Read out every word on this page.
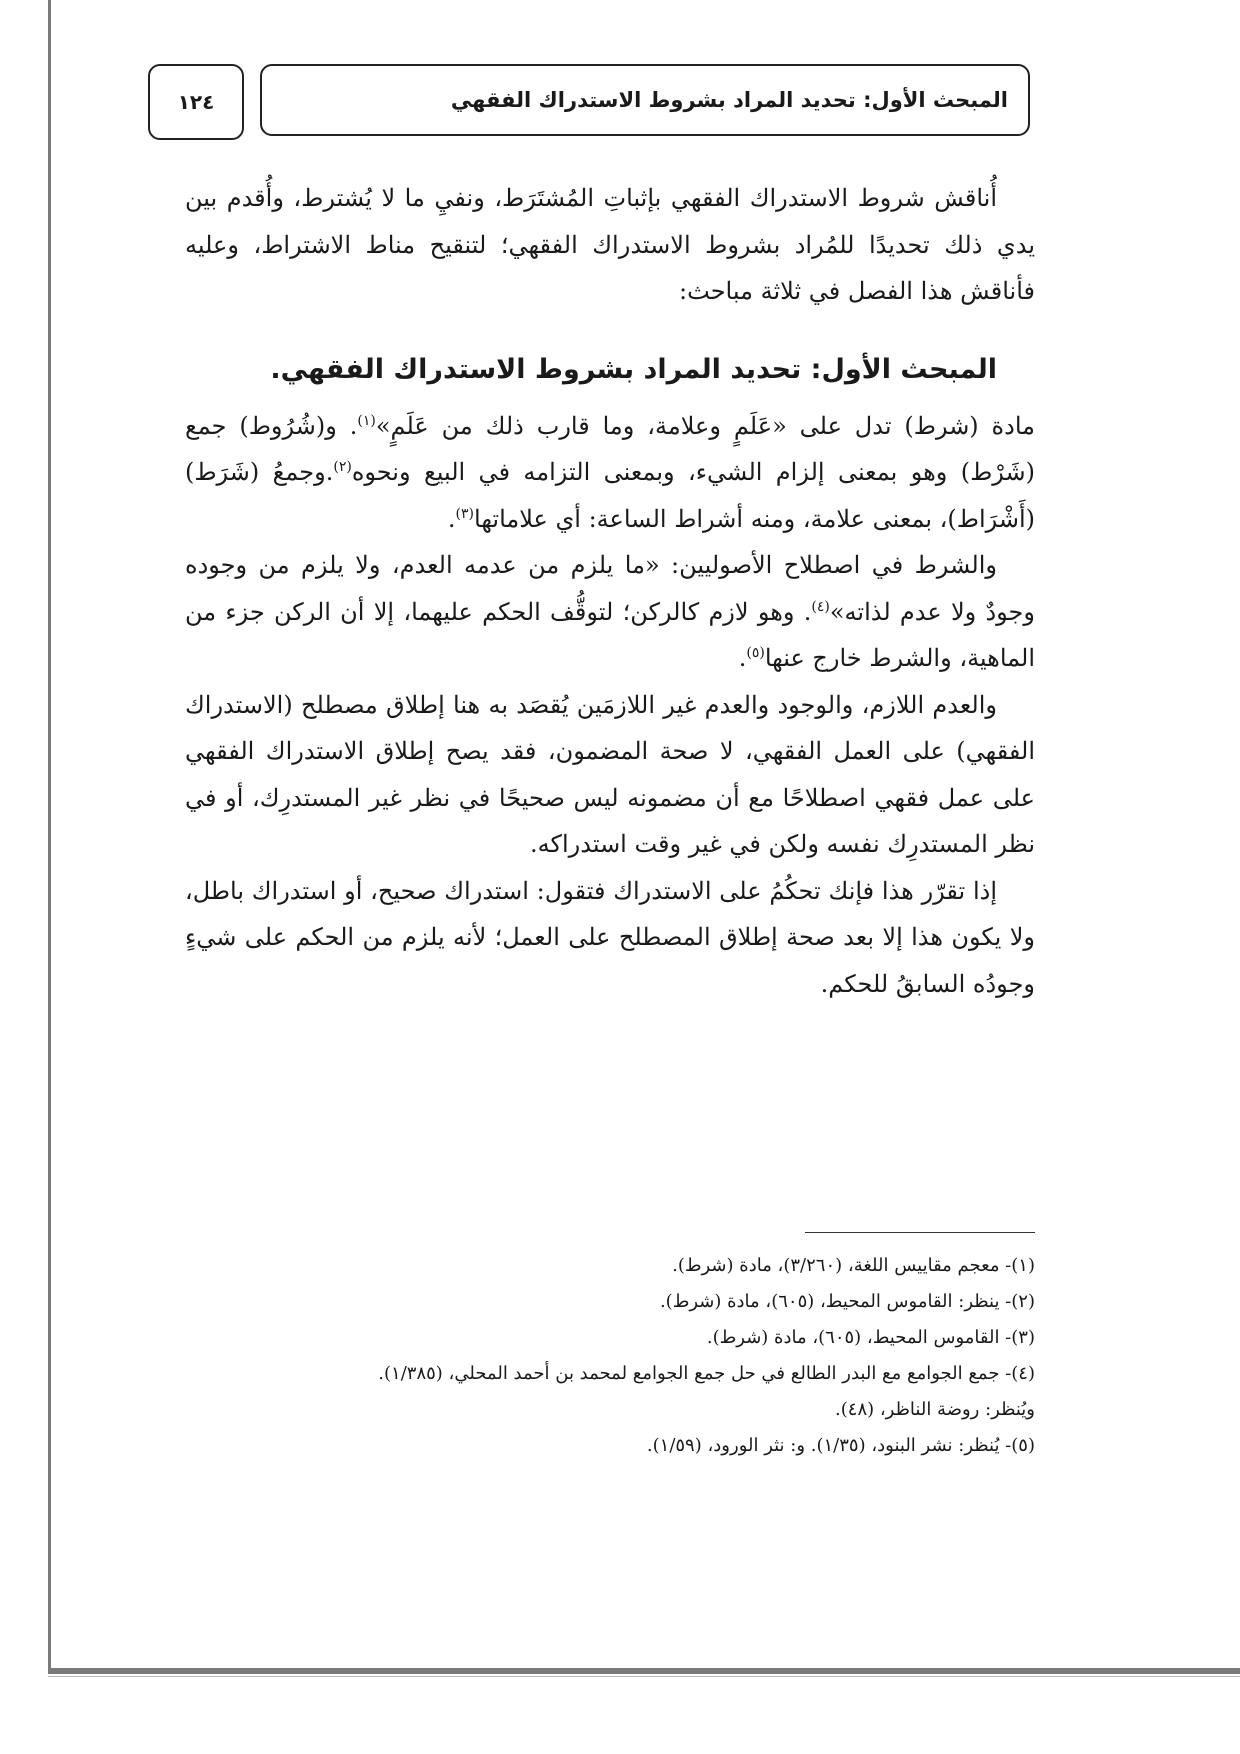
١٢٤	المبحث الأول: تحديد المراد بشروط الاستدراك الفقهي

أُناقش شروط الاستدراك الفقهي بإثباتِ المُشتَرَط، ونفيِ ما لا يُشترط، وأُقدم بين يدي ذلك تحديدًا للمُراد بشروط الاستدراك الفقهي؛ لتنقيح مناط الاشتراط، وعليه فأناقش هذا الفصل في ثلاثة مباحث:

المبحث الأول: تحديد المراد بشروط الاستدراك الفقهي.

مادة (شرط) تدل على «عَلَمٍ وعلامة، وما قارب ذلك من عَلَمٍ»$^{(١)}$. و(شُرُوط) جمع (شَرْط) وهو بمعنى إلزام الشيء، وبمعنى التزامه في البيع ونحوه$^{(٢)}$.وجمعُ (شَرَط) (أَشْرَاط)، بمعنى علامة، ومنه أشراط الساعة: أي علاماتها$^{(٣)}$.

والشرط في اصطلاح الأصوليين: «ما يلزم من عدمه العدم، ولا يلزم من وجوده وجودٌ ولا عدم لذاته»$^{(٤)}$. وهو لازم كالركن؛ لتوقُّف الحكم عليهما، إلا أن الركن جزء من الماهية، والشرط خارج عنها$^{(٥)}$.

والعدم اللازم، والوجود والعدم غير اللازمَين يُقصَد به هنا إطلاق مصطلح (الاستدراك الفقهي) على العمل الفقهي، لا صحة المضمون، فقد يصح إطلاق الاستدراك الفقهي على عمل فقهي اصطلاحًا مع أن مضمونه ليس صحيحًا في نظر غير المستدرِك، أو في نظر المستدرِك نفسه ولكن في غير وقت استدراكه.

إذا تقرّر هذا فإنك تحكُمُ على الاستدراك فتقول: استدراك صحيح، أو استدراك باطل، ولا يكون هذا إلا بعد صحة إطلاق المصطلح على العمل؛ لأنه يلزم من الحكم على شيءٍ وجودُه السابقُ للحكم.

(١)- معجم مقاييس اللغة، (٣/٢٦٠)، مادة (شرط).

(٢)- ينظر: القاموس المحيط، (٦٠٥)، مادة (شرط).

(٣)- القاموس المحيط، (٦٠٥)، مادة (شرط).

(٤)- جمع الجوامع مع البدر الطالع في حل جمع الجوامع لمحمد بن أحمد المحلي، (١/٣٨٥).

ويُنظر: روضة الناظر، (٤٨).

(٥)- يُنظر: نشر البنود، (١/٣٥). و: نثر الورود، (١/٥٩).
